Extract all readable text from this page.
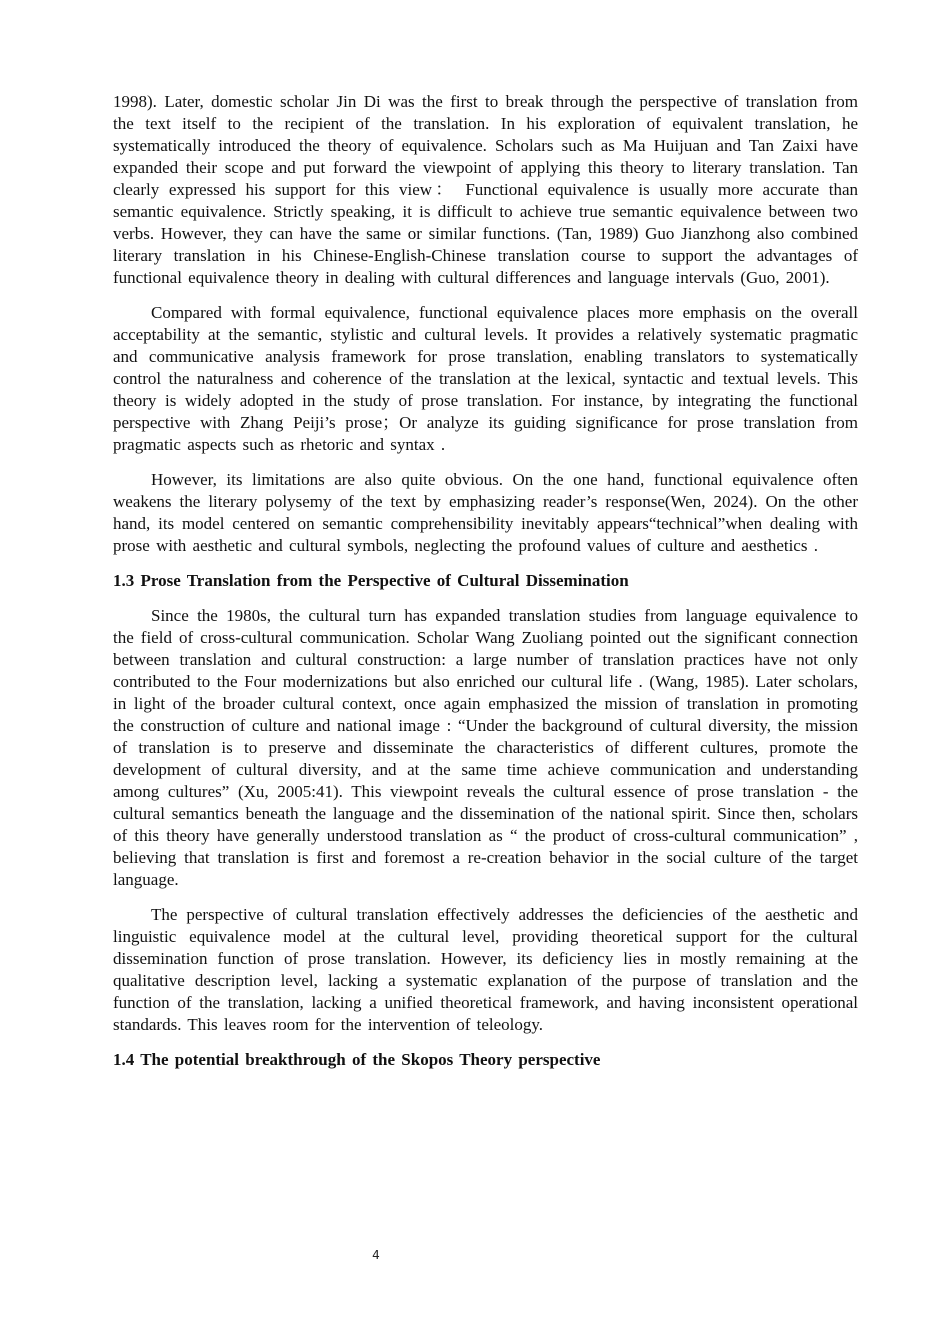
1998). Later, domestic scholar Jin Di was the first to break through the perspective of translation from the text itself to the recipient of the translation. In his exploration of equivalent translation, he systematically introduced the theory of equivalence. Scholars such as Ma Huijuan and Tan Zaixi have expanded their scope and put forward the viewpoint of applying this theory to literary translation. Tan clearly expressed his support for this view： Functional equivalence is usually more accurate than semantic equivalence. Strictly speaking, it is difficult to achieve true semantic equivalence between two verbs. However, they can have the same or similar functions. (Tan, 1989) Guo Jianzhong also combined literary translation in his Chinese-English-Chinese translation course to support the advantages of functional equivalence theory in dealing with cultural differences and language intervals (Guo, 2001).

Compared with formal equivalence, functional equivalence places more emphasis on the overall acceptability at the semantic, stylistic and cultural levels. It provides a relatively systematic pragmatic and communicative analysis framework for prose translation, enabling translators to systematically control the naturalness and coherence of the translation at the lexical, syntactic and textual levels. This theory is widely adopted in the study of prose translation. For instance, by integrating the functional perspective with Zhang Peiji’s prose；Or analyze its guiding significance for prose translation from pragmatic aspects such as rhetoric and syntax .

However, its limitations are also quite obvious. On the one hand, functional equivalence often weakens the literary polysemy of the text by emphasizing reader’s response(Wen, 2024). On the other hand, its model centered on semantic comprehensibility inevitably appears“technical”when dealing with prose with aesthetic and cultural symbols, neglecting the profound values of culture and aesthetics .

1.3 Prose Translation from the Perspective of Cultural Dissemination

Since the 1980s, the cultural turn has expanded translation studies from language equivalence to the field of cross-cultural communication. Scholar Wang Zuoliang pointed out the significant connection between translation and cultural construction: a large number of translation practices have not only contributed to the Four modernizations but also enriched our cultural life . (Wang, 1985). Later scholars, in light of the broader cultural context, once again emphasized the mission of translation in promoting the construction of culture and national image : “Under the background of cultural diversity, the mission of translation is to preserve and disseminate the characteristics of different cultures, promote the development of cultural diversity, and at the same time achieve communication and understanding among cultures” (Xu, 2005:41). This viewpoint reveals the cultural essence of prose translation - the cultural semantics beneath the language and the dissemination of the national spirit. Since then, scholars of this theory have generally understood translation as “ the product of cross-cultural communication” , believing that translation is first and foremost a re-creation behavior in the social culture of the target language.

The perspective of cultural translation effectively addresses the deficiencies of the aesthetic and linguistic equivalence model at the cultural level, providing theoretical support for the cultural dissemination function of prose translation. However, its deficiency lies in mostly remaining at the qualitative description level, lacking a systematic explanation of the purpose of translation and the function of the translation, lacking a unified theoretical framework, and having inconsistent operational standards. This leaves room for the intervention of teleology.

1.4 The potential breakthrough of the Skopos Theory perspective
4
